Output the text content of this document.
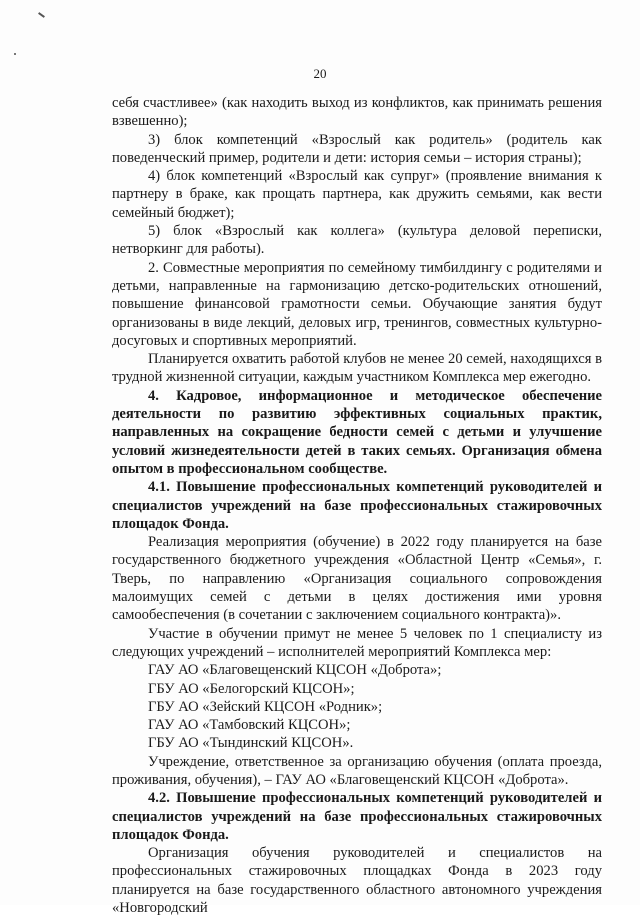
20

себя счастливее» (как находить выход из конфликтов, как принимать решения взвешенно);

3) блок компетенций «Взрослый как родитель» (родитель как поведенческий пример, родители и дети: история семьи – история страны);

4) блок компетенций «Взрослый как супруг» (проявление внимания к партнеру в браке, как прощать партнера, как дружить семьями, как вести семейный бюджет);

5) блок «Взрослый как коллега» (культура деловой переписки, нетворкинг для работы).

2. Совместные мероприятия по семейному тимбилдингу с родителями и детьми, направленные на гармонизацию детско-родительских отношений, повышение финансовой грамотности семьи. Обучающие занятия будут организованы в виде лекций, деловых игр, тренингов, совместных культурно-досуговых и спортивных мероприятий.

Планируется охватить работой клубов не менее 20 семей, находящихся в трудной жизненной ситуации, каждым участником Комплекса мер ежегодно.

4. Кадровое, информационное и методическое обеспечение деятельности по развитию эффективных социальных практик, направленных на сокращение бедности семей с детьми и улучшение условий жизнедеятельности детей в таких семьях. Организация обмена опытом в профессиональном сообществе.

4.1. Повышение профессиональных компетенций руководителей и специалистов учреждений на базе профессиональных стажировочных площадок Фонда.

Реализация мероприятия (обучение) в 2022 году планируется на базе государственного бюджетного учреждения «Областной Центр «Семья», г. Тверь, по направлению «Организация социального сопровождения малоимущих семей с детьми в целях достижения ими уровня самообеспечения (в сочетании с заключением социального контракта)».

Участие в обучении примут не менее 5 человек по 1 специалисту из следующих учреждений – исполнителей мероприятий Комплекса мер:

ГАУ АО «Благовещенский КЦСОН «Доброта»;

ГБУ АО «Белогорский КЦСОН»;

ГБУ АО «Зейский КЦСОН «Родник»;

ГАУ АО «Тамбовский КЦСОН»;

ГБУ АО «Тындинский КЦСОН».

Учреждение, ответственное за организацию обучения (оплата проезда, проживания, обучения), – ГАУ АО «Благовещенский КЦСОН «Доброта».

4.2. Повышение профессиональных компетенций руководителей и специалистов учреждений на базе профессиональных стажировочных площадок Фонда.

Организация обучения руководителей и специалистов на профессиональных стажировочных площадках Фонда в 2023 году планируется на базе государственного областного автономного учреждения «Новгородский
